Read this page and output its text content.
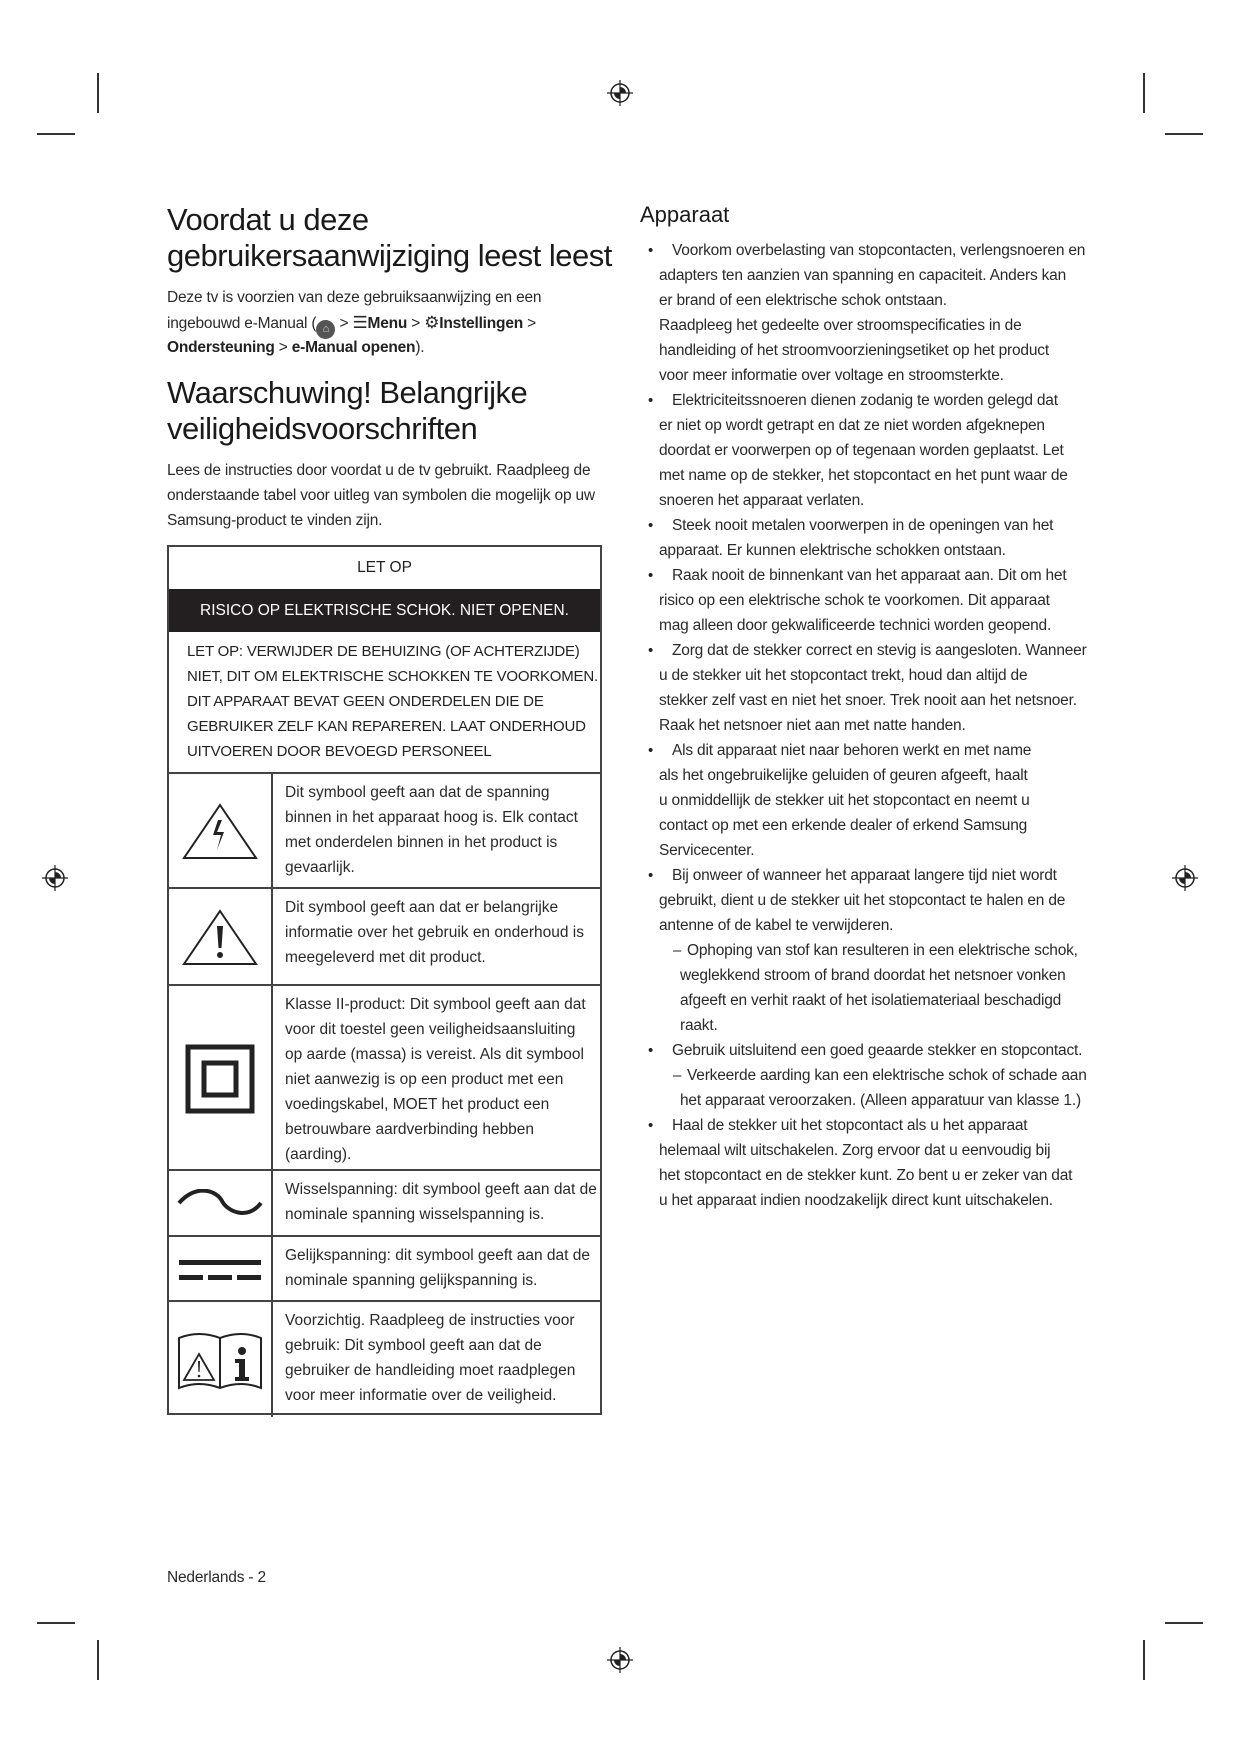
Voordat u deze
gebruikersaanwijziging leest leest
Deze tv is voorzien van deze gebruiksaanwijzing en een
ingebouwd e-Manual ( ⌂ > ☰Menu > ⚙Instellingen >
Ondersteuning > e-Manual openen).
Waarschuwing! Belangrijke
veiligheidsvoorschriften
Lees de instructies door voordat u de tv gebruikt. Raadpleeg de
onderstaande tabel voor uitleg van symbolen die mogelijk op uw
Samsung-product te vinden zijn.
LET OP
RISICO OP ELEKTRISCHE SCHOK. NIET OPENEN.
LET OP: VERWIJDER DE BEHUIZING (OF ACHTERZIJDE)
NIET, DIT OM ELEKTRISCHE SCHOKKEN TE VOORKOMEN.
DIT APPARAAT BEVAT GEEN ONDERDELEN DIE DE
GEBRUIKER ZELF KAN REPAREREN. LAAT ONDERHOUD
UITVOEREN DOOR BEVOEGD PERSONEEL
Dit symbool geeft aan dat de spanning
binnen in het apparaat hoog is. Elk contact
met onderdelen binnen in het product is
gevaarlijk.
Dit symbool geeft aan dat er belangrijke
informatie over het gebruik en onderhoud is
meegeleverd met dit product.
Klasse II-product: Dit symbool geeft aan dat
voor dit toestel geen veiligheidsaansluiting
op aarde (massa) is vereist. Als dit symbool
niet aanwezig is op een product met een
voedingskabel, MOET het product een
betrouwbare aardverbinding hebben
(aarding).
Wisselspanning: dit symbool geeft aan dat de
nominale spanning wisselspanning is.
Gelijkspanning: dit symbool geeft aan dat de
nominale spanning gelijkspanning is.
Voorzichtig. Raadpleeg de instructies voor
gebruik: Dit symbool geeft aan dat de
gebruiker de handleiding moet raadplegen
voor meer informatie over de veiligheid.
Nederlands - 2
Apparaat
• Voorkom overbelasting van stopcontacten, verlengsnoeren en
adapters ten aanzien van spanning en capaciteit. Anders kan
er brand of een elektrische schok ontstaan.
Raadpleeg het gedeelte over stroomspecificaties in de
handleiding of het stroomvoorzieningsetiket op het product
voor meer informatie over voltage en stroomsterkte.
• Elektriciteitssnoeren dienen zodanig te worden gelegd dat
er niet op wordt getrapt en dat ze niet worden afgeknepen
doordat er voorwerpen op of tegenaan worden geplaatst. Let
met name op de stekker, het stopcontact en het punt waar de
snoeren het apparaat verlaten.
• Steek nooit metalen voorwerpen in de openingen van het
apparaat. Er kunnen elektrische schokken ontstaan.
• Raak nooit de binnenkant van het apparaat aan. Dit om het
risico op een elektrische schok te voorkomen. Dit apparaat
mag alleen door gekwalificeerde technici worden geopend.
• Zorg dat de stekker correct en stevig is aangesloten. Wanneer
u de stekker uit het stopcontact trekt, houd dan altijd de
stekker zelf vast en niet het snoer. Trek nooit aan het netsnoer.
Raak het netsnoer niet aan met natte handen.
• Als dit apparaat niet naar behoren werkt en met name
als het ongebruikelijke geluiden of geuren afgeeft, haalt
u onmiddellijk de stekker uit het stopcontact en neemt u
contact op met een erkende dealer of erkend Samsung
Servicecenter.
• Bij onweer of wanneer het apparaat langere tijd niet wordt
gebruikt, dient u de stekker uit het stopcontact te halen en de
antenne of de kabel te verwijderen.
– Ophoping van stof kan resulteren in een elektrische schok,
weglekkend stroom of brand doordat het netsnoer vonken
afgeeft en verhit raakt of het isolatiemateriaal beschadigd
raakt.
• Gebruik uitsluitend een goed geaarde stekker en stopcontact.
– Verkeerde aarding kan een elektrische schok of schade aan
het apparaat veroorzaken. (Alleen apparatuur van klasse 1.)
• Haal de stekker uit het stopcontact als u het apparaat
helemaal wilt uitschakelen. Zorg ervoor dat u eenvoudig bij
het stopcontact en de stekker kunt. Zo bent u er zeker van dat
u het apparaat indien noodzakelijk direct kunt uitschakelen.
